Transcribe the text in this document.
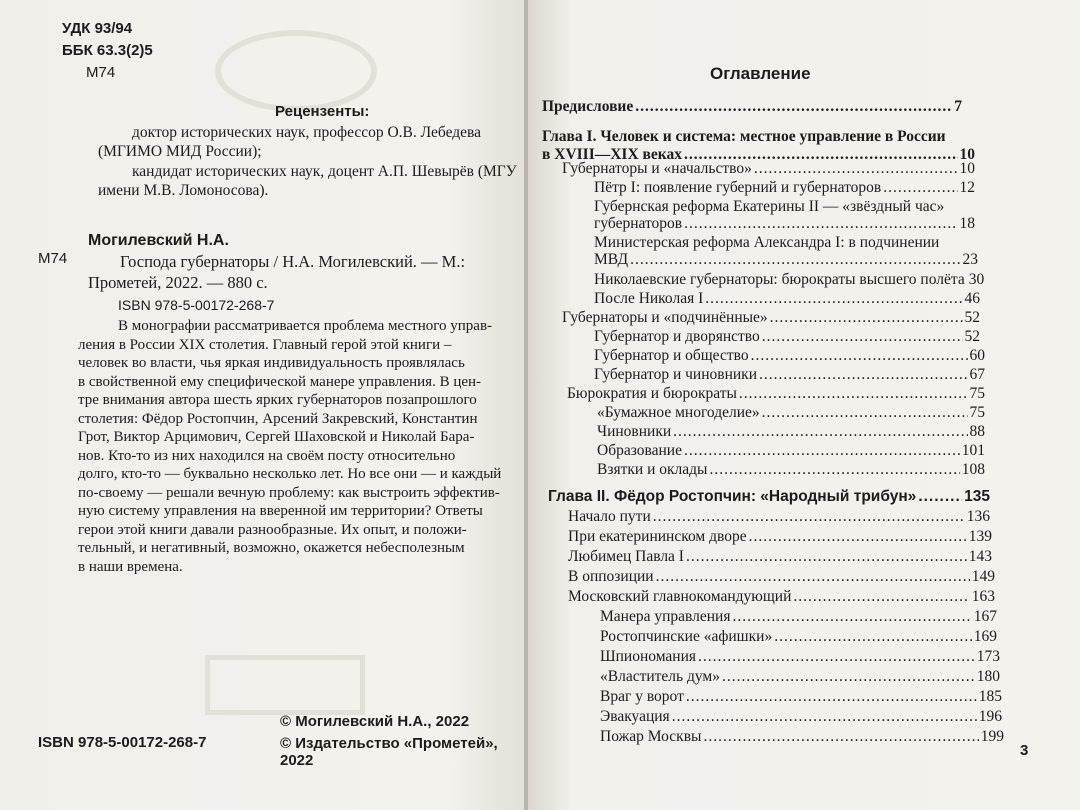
УДК 93/94
ББК 63.3(2)5
М74
Рецензенты:
доктор исторических наук, профессор О.В. Лебедева
(МГИМО МИД России);
кандидат исторических наук, доцент А.П. Шевырёв (МГУ
имени М.В. Ломоносова).
Могилевский Н.А.
М74	Господа губернаторы / Н.А. Могилевский. — М.:
Прометей, 2022. — 880 с.
ISBN 978-5-00172-268-7
В монографии рассматривается проблема местного управ-
ления в России XIX столетия. Главный герой этой книги –
человек во власти, чья яркая индивидуальность проявлялась
в свойственной ему специфической манере управления. В цен-
тре внимания автора шесть ярких губернаторов позапрошлого
столетия: Фёдор Ростопчин, Арсений Закревский, Константин
Грот, Виктор Арцимович, Сергей Шаховской и Николай Бара-
нов. Кто-то из них находился на своём посту относительно
долго, кто-то — буквально несколько лет. Но все они — и каждый
по-своему — решали вечную проблему: как выстроить эффектив-
ную систему управления на вверенной им территории? Ответы
герои этой книги давали разнообразные. Их опыт, и положи-
тельный, и негативный, возможно, окажется небесполезным
в наши времена.
ISBN 978-5-00172-268-7
© Могилевский Н.А., 2022
© Издательство «Прометей», 2022
Оглавление
Предисловие .....	7
Глава I. Человек и система: местное управление в России
в XVIII—XIX веках .....	10
Губернаторы и «начальство» .....	10
Пётр I: появление губерний и губернаторов .....	12
Губернская реформа Екатерины II — «звёздный час»
губернаторов .....	18
Министерская реформа Александра I: в подчинении
МВД .....	23
Николаевские губернаторы: бюрократы высшего полёта 30
После Николая I .....	46
Губернаторы и «подчинённые» .....	52
Губернатор и дворянство .....	52
Губернатор и общество .....	60
Губернатор и чиновники .....	67
Бюрократия и бюрократы .....	75
«Бумажное многоделие» .....	75
Чиновники .....	88
Образование .....	101
Взятки и оклады .....	108
Глава II. Фёдор Ростопчин: «Народный трибун» .....	135
Начало пути .....	136
При екатерининском дворе .....	139
Любимец Павла I .....	143
В оппозиции .....	149
Московский главнокомандующий .....	163
Манера управления .....	167
Ростопчинские «афишки» .....	169
Шпиономания .....	173
«Властитель дум» .....	180
Враг у ворот .....	185
Эвакуация .....	196
Пожар Москвы .....	199
3
